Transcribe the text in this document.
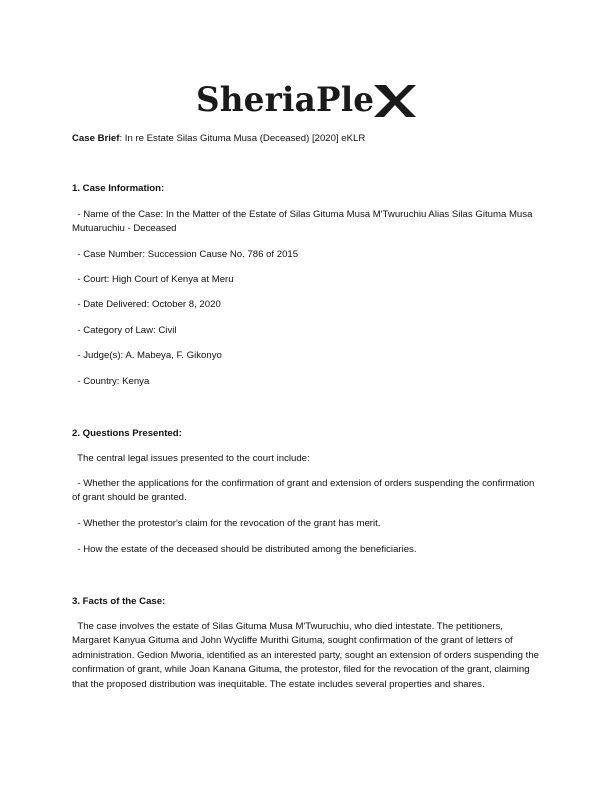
SheriaPle
Case Brief: In re Estate Silas Gituma Musa (Deceased) [2020] eKLR
1. Case Information:
- Name of the Case: In the Matter of the Estate of Silas Gituma Musa M'Twuruchiu Alias Silas Gituma Musa Mutuaruchiu - Deceased
- Case Number: Succession Cause No. 786 of 2015
- Court: High Court of Kenya at Meru
- Date Delivered: October 8, 2020
- Category of Law: Civil
- Judge(s): A. Mabeya, F. Gikonyo
- Country: Kenya
2. Questions Presented:
The central legal issues presented to the court include:
- Whether the applications for the confirmation of grant and extension of orders suspending the confirmation of grant should be granted.
- Whether the protestor's claim for the revocation of the grant has merit.
- How the estate of the deceased should be distributed among the beneficiaries.
3. Facts of the Case:
The case involves the estate of Silas Gituma Musa M'Twuruchiu, who died intestate. The petitioners, Margaret Kanyua Gituma and John Wycliffe Murithi Gituma, sought confirmation of the grant of letters of administration. Gedion Mworia, identified as an interested party, sought an extension of orders suspending the confirmation of grant, while Joan Kanana Gituma, the protestor, filed for the revocation of the grant, claiming that the proposed distribution was inequitable. The estate includes several properties and shares.
